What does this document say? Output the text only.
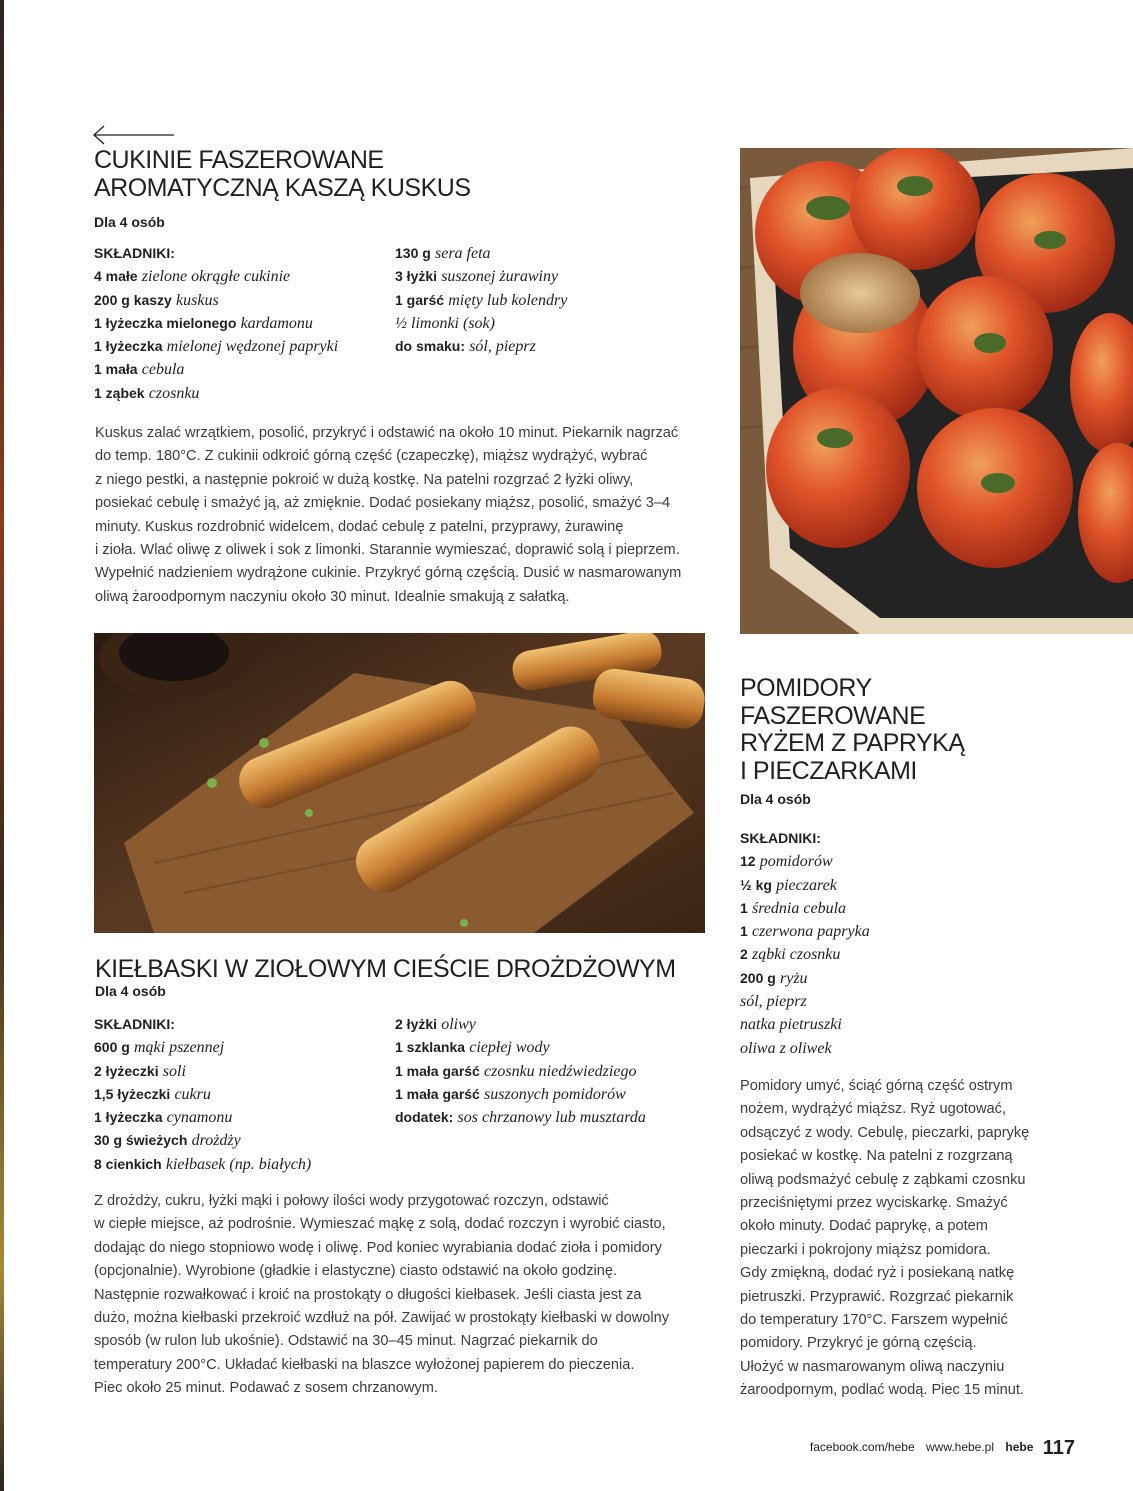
CUKINIE FASZEROWANE
AROMATYCZNĄ KASZĄ KUSKUS
Dla 4 osób
SKŁADNIKI:
4 małe zielone okrągłe cukinie
200 g kaszy kuskus
1 łyżeczka mielonego kardamonu
1 łyżeczka mielonej wędzonej papryki
1 mała cebula
1 ząbek czosnku
130 g sera feta
3 łyżki suszonej żurawiny
1 garść mięty lub kolendry
½ limonki (sok)
do smaku: sól, pieprz
Kuskus zalać wrzątkiem, posolić, przykryć i odstawić na około 10 minut. Piekarnik nagrzać
do temp. 180°C. Z cukinii odkroić górną część (czapeczkę), miąższ wydrążyć, wybrać
z niego pestki, a następnie pokroić w dużą kostkę. Na patelni rozgrzać 2 łyżki oliwy,
posiekać cebulę i smażyć ją, aż zmięknie. Dodać posiekany miąższ, posolić, smażyć 3–4
minuty. Kuskus rozdrobnić widelcem, dodać cebulę z patelni, przyprawy, żurawinę
i zioła. Wlać oliwę z oliwek i sok z limonki. Starannie wymieszać, doprawić solą i pieprzem.
Wypełnić nadzieniem wydrążone cukinie. Przykryć górną częścią. Dusić w nasmarowanym
oliwą żaroodpornym naczyniu około 30 minut. Idealnie smakują z sałatką.
KIEŁBASKI W ZIOŁOWYM CIEŚCIE DROŻDŻOWYM
Dla 4 osób
SKŁADNIKI:
600 g mąki pszennej
2 łyżeczki soli
1,5 łyżeczki cukru
1 łyżeczka cynamonu
30 g świeżych drożdży
8 cienkich kiełbasek (np. białych)
2 łyżki oliwy
1 szklanka ciepłej wody
1 mała garść czosnku niedźwiedziego
1 mała garść suszonych pomidorów
dodatek: sos chrzanowy lub musztarda
Z drożdży, cukru, łyżki mąki i połowy ilości wody przygotować rozczyn, odstawić
w ciepłe miejsce, aż podrośnie. Wymieszać mąkę z solą, dodać rozczyn i wyrobić ciasto,
dodając do niego stopniowo wodę i oliwę. Pod koniec wyrabiania dodać zioła i pomidory
(opcjonalnie). Wyrobione (gładkie i elastyczne) ciasto odstawić na około godzinę.
Następnie rozwałkować i kroić na prostokąty o długości kiełbasek. Jeśli ciasta jest za
dużo, można kiełbaski przekroić wzdłuż na pół. Zawijać w prostokąty kiełbaski w dowolny
sposób (w rulon lub ukośnie). Odstawić na 30–45 minut. Nagrzać piekarnik do
temperatury 200°C. Układać kiełbaski na blaszce wyłożonej papierem do pieczenia.
Piec około 25 minut. Podawać z sosem chrzanowym.
POMIDORY
FASZEROWANE
RYŻEM Z PAPRYKĄ
I PIECZARKAMI
Dla 4 osób
SKŁADNIKI:
12 pomidorów
½ kg pieczarek
1 średnia cebula
1 czerwona papryka
2 ząbki czosnku
200 g ryżu
sól, pieprz
natka pietruszki
oliwa z oliwek
Pomidory umyć, ściąć górną część ostrym
nożem, wydrążyć miąższ. Ryż ugotować,
odsączyć z wody. Cebulę, pieczarki, paprykę
posiekać w kostkę. Na patelni z rozgrzaną
oliwą podsmażyć cebulę z ząbkami czosnku
przeciśniętymi przez wyciskarkę. Smażyć
około minuty. Dodać paprykę, a potem
pieczarki i pokrojony miąższ pomidora.
Gdy zmiękną, dodać ryż i posiekaną natkę
pietruszki. Przyprawić. Rozgrzać piekarnik
do temperatury 170°C. Farszem wypełnić
pomidory. Przykryć je górną częścią.
Ułożyć w nasmarowanym oliwą naczyniu
żaroodpornym, podlać wodą. Piec 15 minut.
facebook.com/hebe www.hebe.pl hebe 117
